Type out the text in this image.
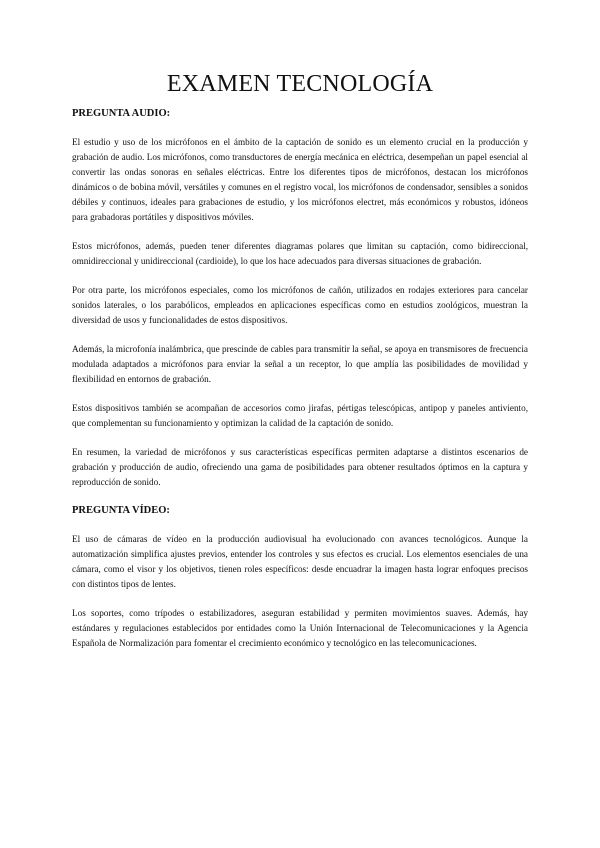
EXAMEN TECNOLOGÍA
PREGUNTA AUDIO:

El estudio y uso de los micrófonos en el ámbito de la captación de sonido es un elemento crucial en la producción y grabación de audio. Los micrófonos, como transductores de energía mecánica en eléctrica, desempeñan un papel esencial al convertir las ondas sonoras en señales eléctricas. Entre los diferentes tipos de micrófonos, destacan los micrófonos dinámicos o de bobina móvil, versátiles y comunes en el registro vocal, los micrófonos de condensador, sensibles a sonidos débiles y continuos, ideales para grabaciones de estudio, y los micrófonos electret, más económicos y robustos, idóneos para grabadoras portátiles y dispositivos móviles.

Estos micrófonos, además, pueden tener diferentes diagramas polares que limitan su captación, como bidireccional, omnidireccional y unidireccional (cardioide), lo que los hace adecuados para diversas situaciones de grabación.

Por otra parte, los micrófonos especiales, como los micrófonos de cañón, utilizados en rodajes exteriores para cancelar sonidos laterales, o los parabólicos, empleados en aplicaciones específicas como en estudios zoológicos, muestran la diversidad de usos y funcionalidades de estos dispositivos.

Además, la microfonía inalámbrica, que prescinde de cables para transmitir la señal, se apoya en transmisores de frecuencia modulada adaptados a micrófonos para enviar la señal a un receptor, lo que amplía las posibilidades de movilidad y flexibilidad en entornos de grabación.

Estos dispositivos también se acompañan de accesorios como jirafas, pértigas telescópicas, antipop y paneles antiviento, que complementan su funcionamiento y optimizan la calidad de la captación de sonido.

En resumen, la variedad de micrófonos y sus características específicas permiten adaptarse a distintos escenarios de grabación y producción de audio, ofreciendo una gama de posibilidades para obtener resultados óptimos en la captura y reproducción de sonido.

PREGUNTA VÍDEO:

El uso de cámaras de vídeo en la producción audiovisual ha evolucionado con avances tecnológicos. Aunque la automatización simplifica ajustes previos, entender los controles y sus efectos es crucial. Los elementos esenciales de una cámara, como el visor y los objetivos, tienen roles específicos: desde encuadrar la imagen hasta lograr enfoques precisos con distintos tipos de lentes.

Los soportes, como trípodes o estabilizadores, aseguran estabilidad y permiten movimientos suaves. Además, hay estándares y regulaciones establecidos por entidades como la Unión Internacional de Telecomunicaciones y la Agencia Española de Normalización para fomentar el crecimiento económico y tecnológico en las telecomunicaciones.
